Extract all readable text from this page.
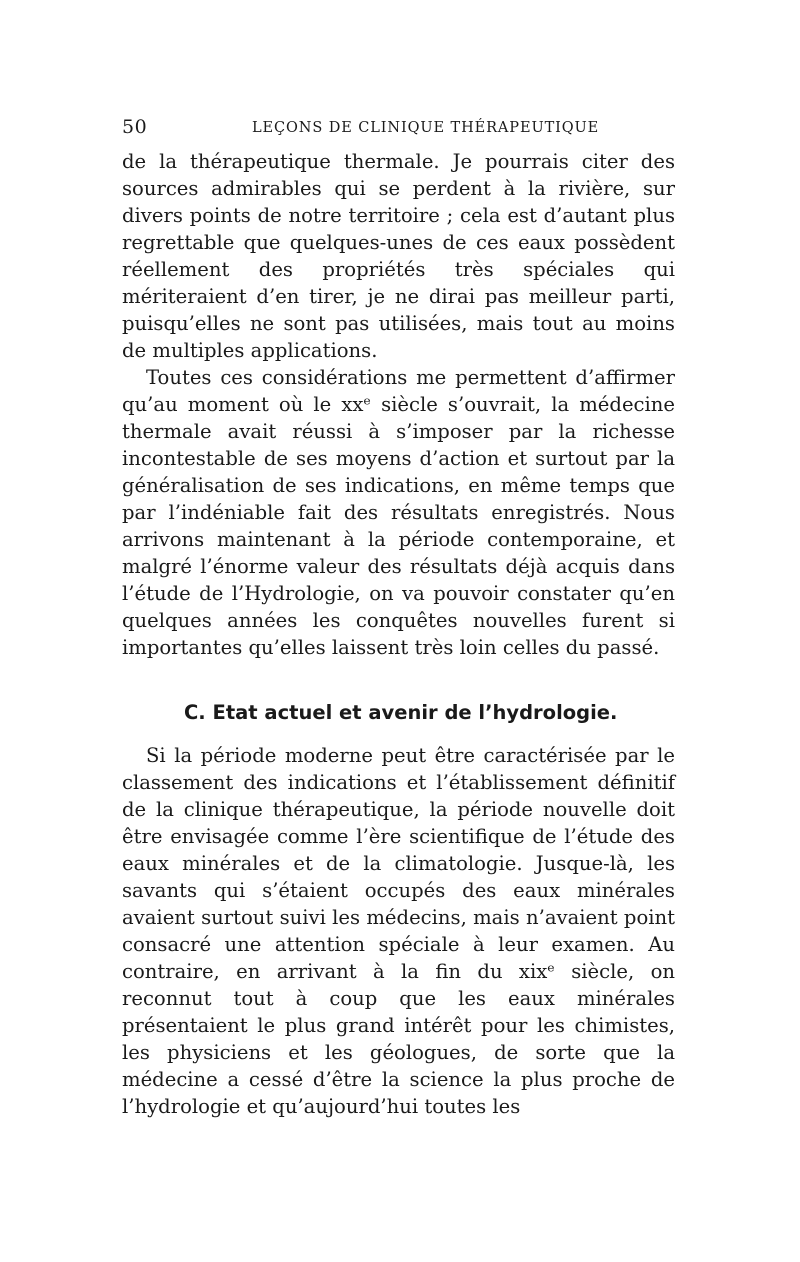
50	LEÇONS DE CLINIQUE THÉRAPEUTIQUE

de la thérapeutique thermale. Je pourrais citer des sources admirables qui se perdent à la rivière, sur divers points de notre territoire ; cela est d’autant plus regrettable que quelques-unes de ces eaux possèdent réellement des propriétés très spéciales qui mériteraient d’en tirer, je ne dirai pas meilleur parti, puisqu’elles ne sont pas utilisées, mais tout au moins de multiples applications.

Toutes ces considérations me permettent d’affirmer qu’au moment où le xxᵉ siècle s’ouvrait, la médecine thermale avait réussi à s’imposer par la richesse incontestable de ses moyens d’action et surtout par la généralisation de ses indications, en même temps que par l’indéniable fait des résultats enregistrés. Nous arrivons maintenant à la période contemporaine, et malgré l’énorme valeur des résultats déjà acquis dans l’étude de l’Hydrologie, on va pouvoir constater qu’en quelques années les conquêtes nouvelles furent si importantes qu’elles laissent très loin celles du passé.

C. Etat actuel et avenir de l’hydrologie.

Si la période moderne peut être caractérisée par le classement des indications et l’établissement définitif de la clinique thérapeutique, la période nouvelle doit être envisagée comme l’ère scientifique de l’étude des eaux minérales et de la climatologie. Jusque-là, les savants qui s’étaient occupés des eaux minérales avaient surtout suivi les médecins, mais n’avaient point consacré une attention spéciale à leur examen. Au contraire, en arrivant à la fin du xixᵉ siècle, on reconnut tout à coup que les eaux minérales présentaient le plus grand intérêt pour les chimistes, les physiciens et les géologues, de sorte que la médecine a cessé d’être la science la plus proche de l’hydrologie et qu’aujourd’hui toutes les
